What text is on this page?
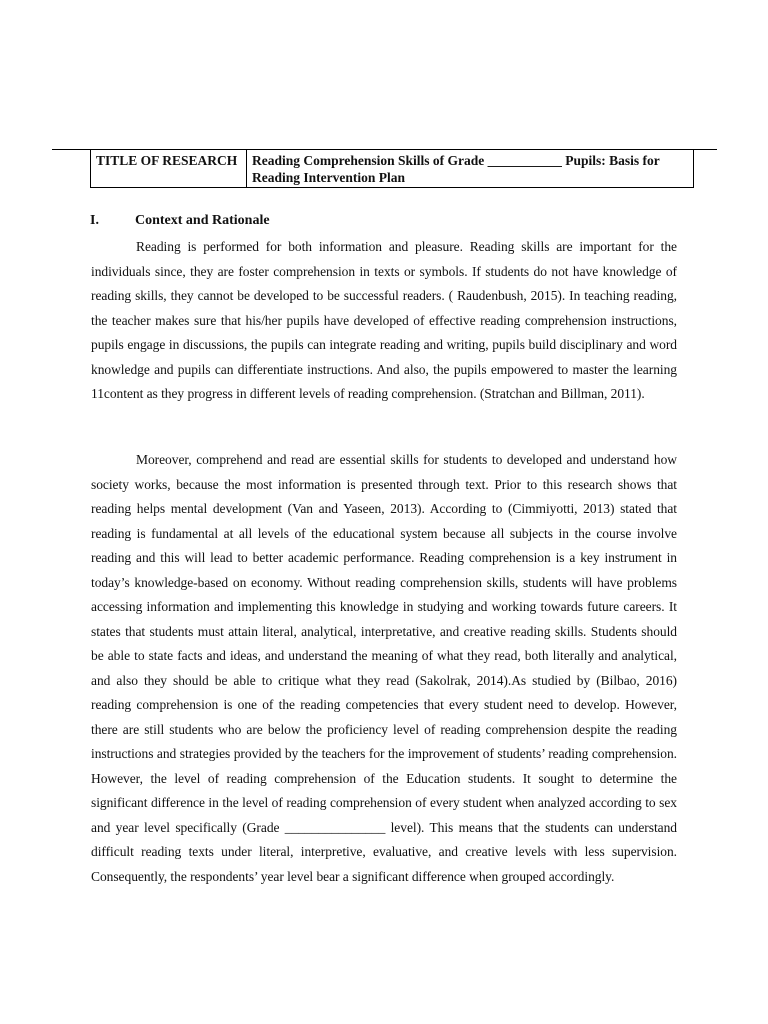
TITLE OF RESEARCH	Reading Comprehension Skills of Grade ___________ Pupils: Basis for Reading Intervention Plan
I.	Context and Rationale

Reading is performed for both information and pleasure. Reading skills are important for the individuals since, they are foster comprehension in texts or symbols. If students do not have knowledge of reading skills, they cannot be developed to be successful readers. ( Raudenbush, 2015). In teaching reading, the teacher makes sure that his/her pupils have developed of effective reading comprehension instructions, pupils engage in discussions, the pupils can integrate reading and writing, pupils build disciplinary and word knowledge and pupils can differentiate instructions. And also, the pupils empowered to master the learning 11content as they progress in different levels of reading comprehension. (Stratchan and Billman, 2011).

Moreover, comprehend and read are essential skills for students to developed and understand how society works, because the most information is presented through text. Prior to this research shows that reading helps mental development (Van and Yaseen, 2013). According to (Cimmiyotti, 2013) stated that reading is fundamental at all levels of the educational system because all subjects in the course involve reading and this will lead to better academic performance. Reading comprehension is a key instrument in today’s knowledge-based on economy. Without reading comprehension skills, students will have problems accessing information and implementing this knowledge in studying and working towards future careers. It states that students must attain literal, analytical, interpretative, and creative reading skills. Students should be able to state facts and ideas, and understand the meaning of what they read, both literally and analytical, and also they should be able to critique what they read (Sakolrak, 2014).As studied by (Bilbao, 2016) reading comprehension is one of the reading competencies that every student need to develop. However, there are still students who are below the proficiency level of reading comprehension despite the reading instructions and strategies provided by the teachers for the improvement of students’ reading comprehension. However, the level of reading comprehension of the Education students. It sought to determine the significant difference in the level of reading comprehension of every student when analyzed according to sex and year level specifically (Grade _______________ level). This means that the students can understand difficult reading texts under literal, interpretive, evaluative, and creative levels with less supervision. Consequently, the respondents’ year level bear a significant difference when grouped accordingly.
